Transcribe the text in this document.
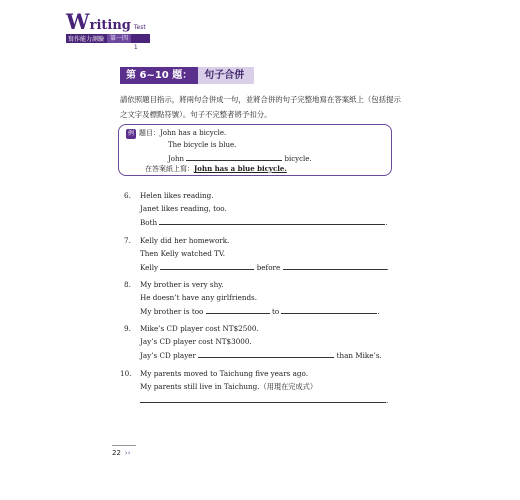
W riting Test 1
寫作能力測驗	第一四
第 6~10 題：	句子合併
請依照題目指示，將兩句合併成一句，並將合併的句子完整地寫在答案紙上（包括提示之文字及標點符號）。句子不完整者將予扣分。
例 題目：John has a bicycle.
The bicycle is blue.
John	bicycle.
在答案紙上寫：John has a blue bicycle.
6. Helen likes reading.
Janet likes reading, too.
Both	.
7. Kelly did her homework.
Then Kelly watched TV.
Kelly	before	.
8. My brother is very shy.
He doesn’t have any girlfriends.
My brother is too	to	.
9. Mike’s CD player cost NT$2500.
Jay’s CD player cost NT$3000.
Jay’s CD player	than Mike’s.
10. My parents moved to Taichung five years ago.
My parents still live in Taichung.（用現在完成式）
.
22 ››
